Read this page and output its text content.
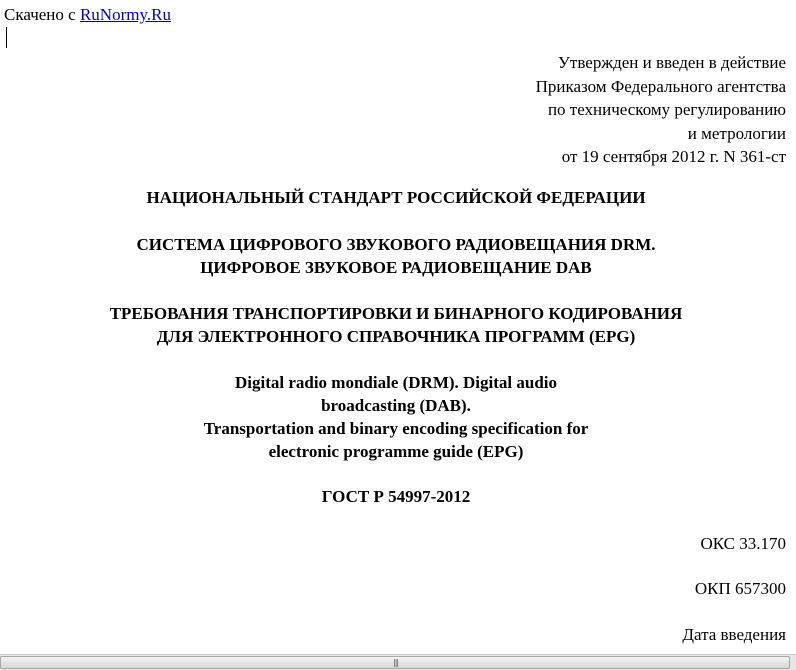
Скачено с RuNormy.Ru
Утвержден и введен в действие
Приказом Федерального агентства
по техническому регулированию
и метрологии
от 19 сентября 2012 г. N 361-ст
НАЦИОНАЛЬНЫЙ СТАНДАРТ РОССИЙСКОЙ ФЕДЕРАЦИИ
СИСТЕМА ЦИФРОВОГО ЗВУКОВОГО РАДИОВЕЩАНИЯ DRM.
ЦИФРОВОЕ ЗВУКОВОЕ РАДИОВЕЩАНИЕ DAB
ТРЕБОВАНИЯ ТРАНСПОРТИРОВКИ И БИНАРНОГО КОДИРОВАНИЯ
ДЛЯ ЭЛЕКТРОННОГО СПРАВОЧНИКА ПРОГРАММ (EPG)
Digital radio mondiale (DRM). Digital audio
broadcasting (DAB).
Transportation and binary encoding specification for
electronic programme guide (EPG)
ГОСТ Р 54997-2012
ОКС 33.170
ОКП 657300
Дата введения
|||
